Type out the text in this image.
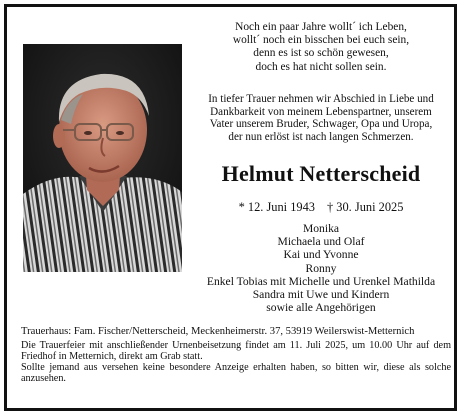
Noch ein paar Jahre wollt´ ich Leben,
wollt´ noch ein bisschen bei euch sein,
denn es ist so schön gewesen,
doch es hat nicht sollen sein.
In tiefer Trauer nehmen wir Abschied in Liebe und
Dankbarkeit von meinem Lebenspartner, unserem
Vater unserem Bruder, Schwager, Opa und Uropa,
der nun erlöst ist nach langen Schmerzen.
Helmut Netterscheid
* 12. Juni 1943 † 30. Juni 2025
Monika
Michaela und Olaf
Kai und Yvonne
Ronny
Enkel Tobias mit Michelle und Urenkel Mathilda
Sandra mit Uwe und Kindern
sowie alle Angehörigen
Trauerhaus: Fam. Fischer/Netterscheid, Meckenheimerstr. 37, 53919 Weilerswist-Metternich
Die Trauerfeier mit anschließender Urnenbeisetzung findet am 11. Juli 2025, um 10.00 Uhr auf dem Friedhof in Metternich, direkt am Grab statt.
Sollte jemand aus versehen keine besondere Anzeige erhalten haben, so bitten wir, diese als solche anzusehen.
